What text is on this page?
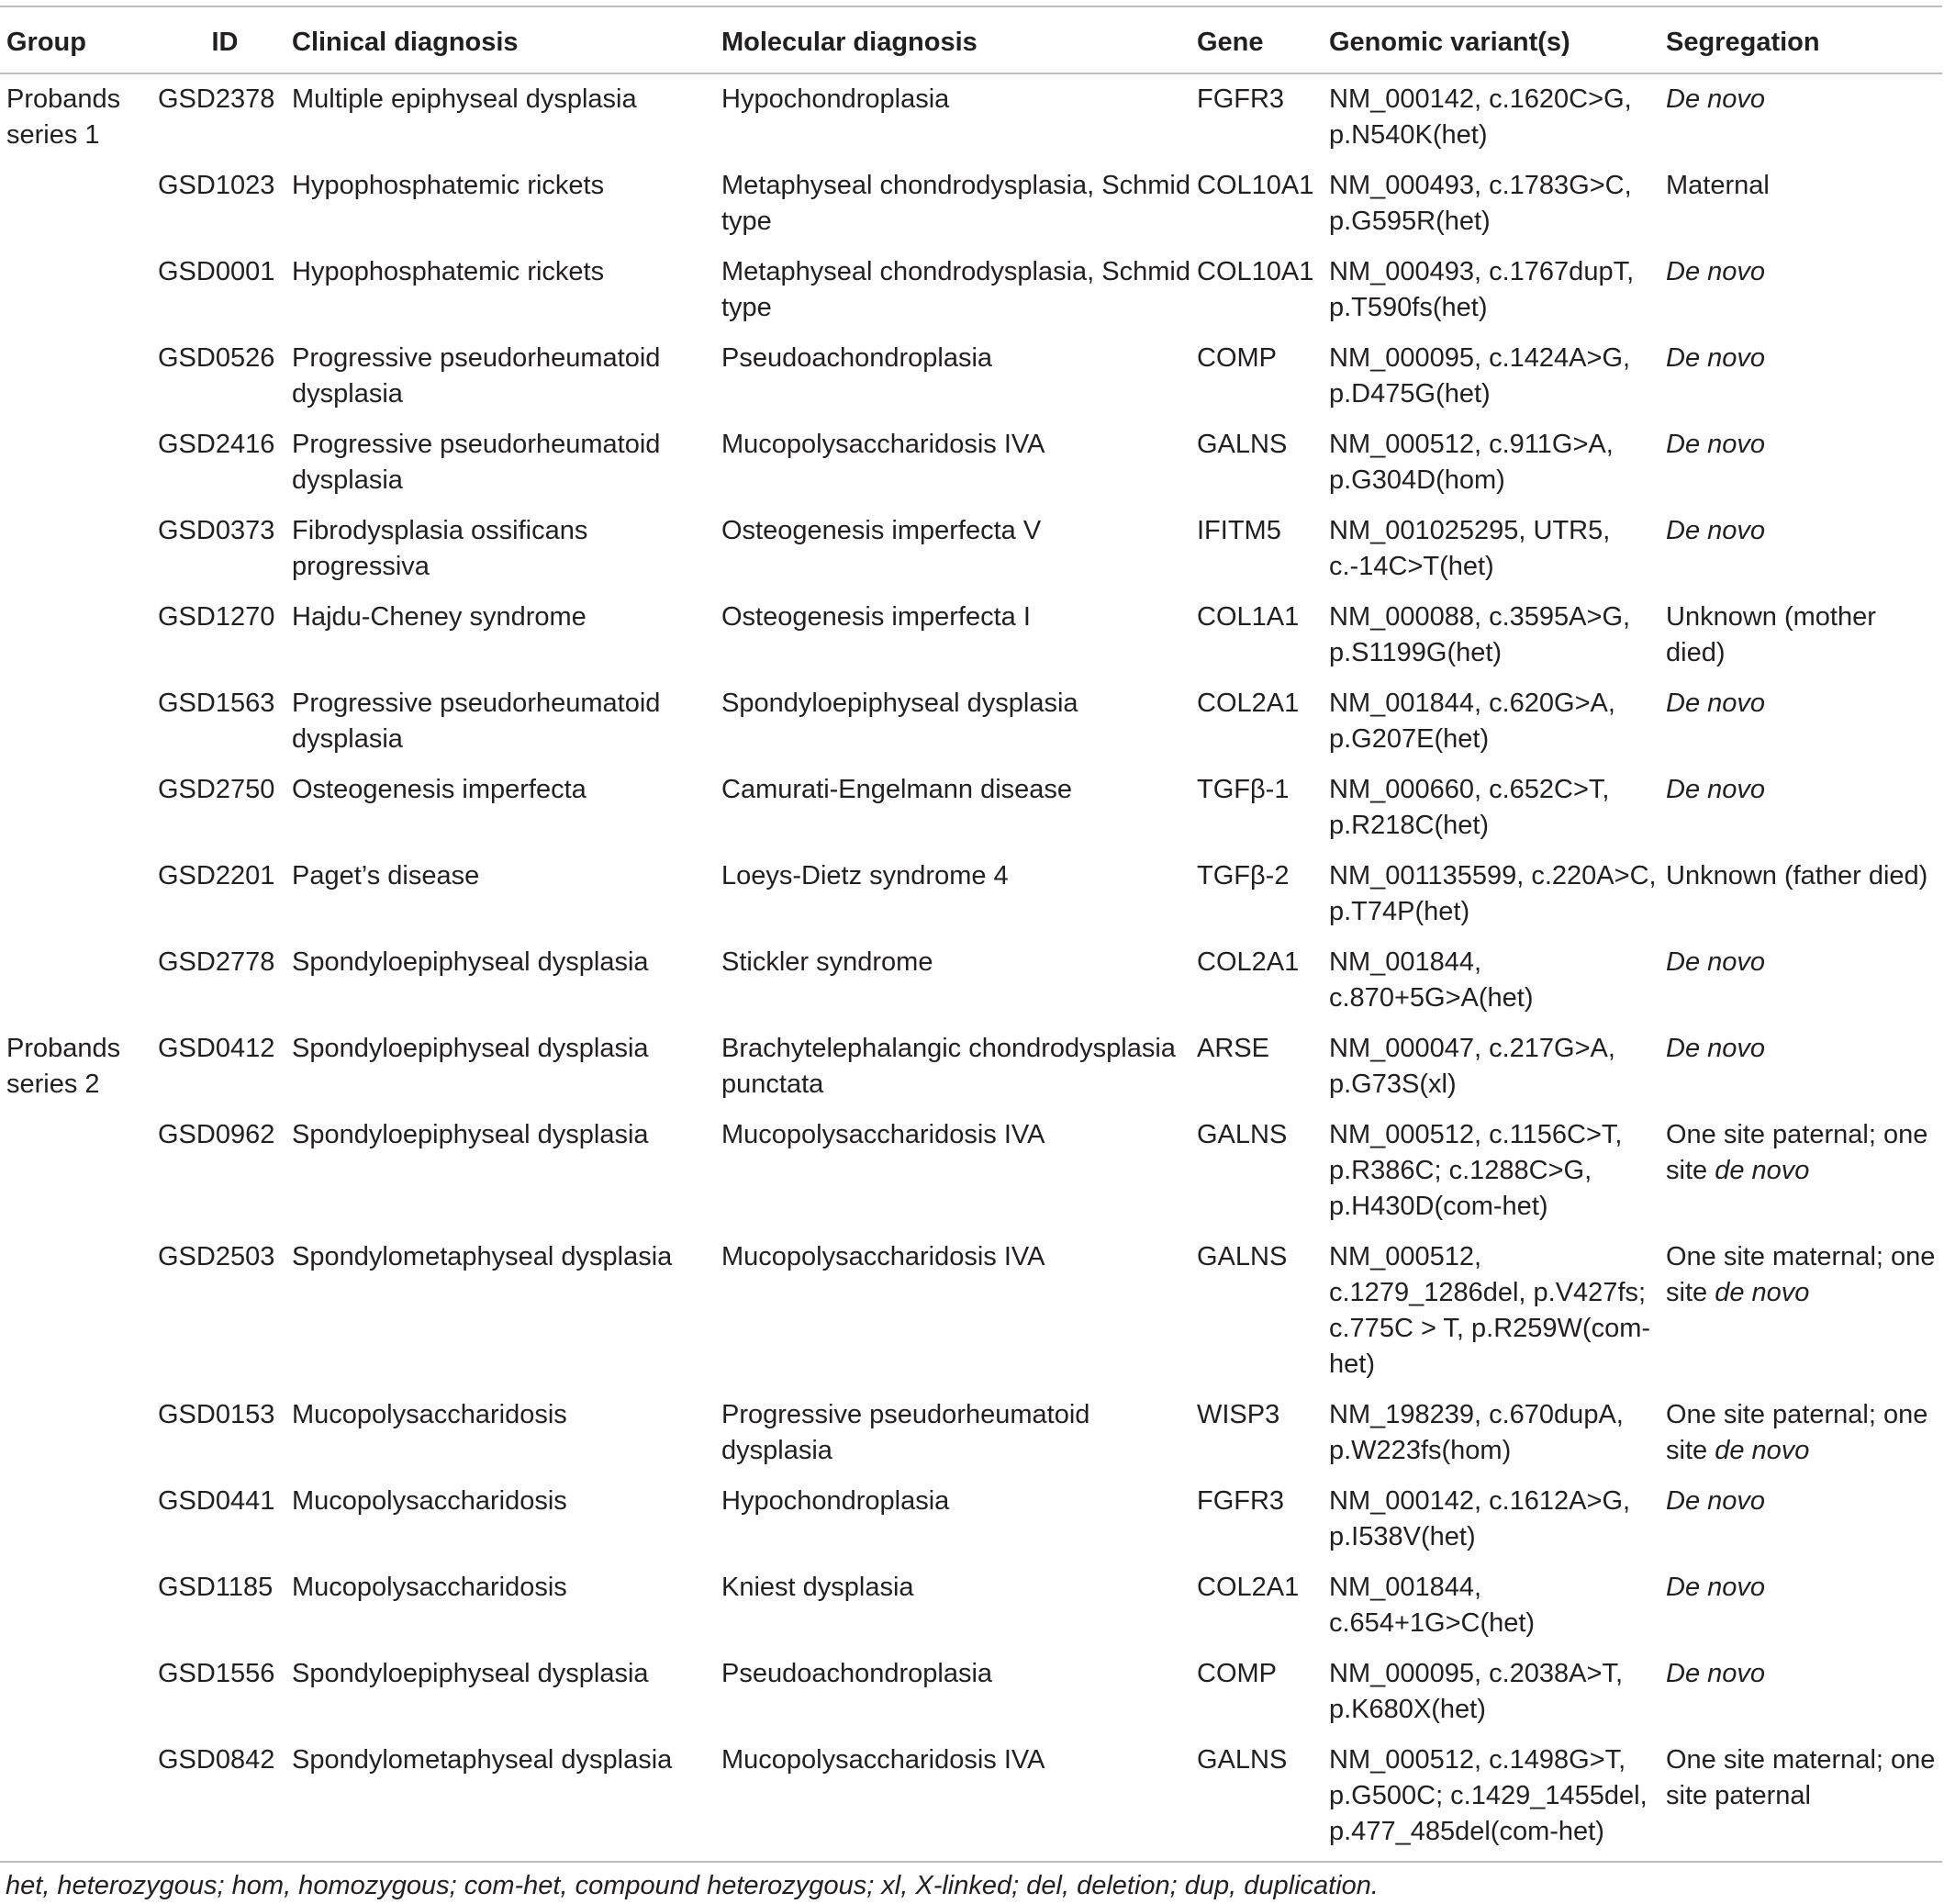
Group	ID	Clinical diagnosis	Molecular diagnosis	Gene	Genomic variant(s)	Segregation
Probands series 1	GSD2378	Multiple epiphyseal dysplasia	Hypochondroplasia	FGFR3	NM_000142, c.1620C>G, p.N540K(het)	De novo
	GSD1023	Hypophosphatemic rickets	Metaphyseal chondrodysplasia, Schmid type	COL10A1	NM_000493, c.1783G>C, p.G595R(het)	Maternal
	GSD0001	Hypophosphatemic rickets	Metaphyseal chondrodysplasia, Schmid type	COL10A1	NM_000493, c.1767dupT, p.T590fs(het)	De novo
	GSD0526	Progressive pseudorheumatoid dysplasia	Pseudoachondroplasia	COMP	NM_000095, c.1424A>G, p.D475G(het)	De novo
	GSD2416	Progressive pseudorheumatoid dysplasia	Mucopolysaccharidosis IVA	GALNS	NM_000512, c.911G>A, p.G304D(hom)	De novo
	GSD0373	Fibrodysplasia ossificans progressiva	Osteogenesis imperfecta V	IFITM5	NM_001025295, UTR5, c.-14C>T(het)	De novo
	GSD1270	Hajdu-Cheney syndrome	Osteogenesis imperfecta I	COL1A1	NM_000088, c.3595A>G, p.S1199G(het)	Unknown (mother died)
	GSD1563	Progressive pseudorheumatoid dysplasia	Spondyloepiphyseal dysplasia	COL2A1	NM_001844, c.620G>A, p.G207E(het)	De novo
	GSD2750	Osteogenesis imperfecta	Camurati-Engelmann disease	TGFβ-1	NM_000660, c.652C>T, p.R218C(het)	De novo
	GSD2201	Paget’s disease	Loeys-Dietz syndrome 4	TGFβ-2	NM_001135599, c.220A>C, p.T74P(het)	Unknown (father died)
	GSD2778	Spondyloepiphyseal dysplasia	Stickler syndrome	COL2A1	NM_001844, c.870+5G>A(het)	De novo
Probands series 2	GSD0412	Spondyloepiphyseal dysplasia	Brachytelephalangic chondrodysplasia punctata	ARSE	NM_000047, c.217G>A, p.G73S(xl)	De novo
	GSD0962	Spondyloepiphyseal dysplasia	Mucopolysaccharidosis IVA	GALNS	NM_000512, c.1156C>T, p.R386C; c.1288C>G, p.H430D(com-het)	One site paternal; one site de novo
	GSD2503	Spondylometaphyseal dysplasia	Mucopolysaccharidosis IVA	GALNS	NM_000512, c.1279_1286del, p.V427fs; c.775C > T, p.R259W(com-het)	One site maternal; one site de novo
	GSD0153	Mucopolysaccharidosis	Progressive pseudorheumatoid dysplasia	WISP3	NM_198239, c.670dupA, p.W223fs(hom)	One site paternal; one site de novo
	GSD0441	Mucopolysaccharidosis	Hypochondroplasia	FGFR3	NM_000142, c.1612A>G, p.I538V(het)	De novo
	GSD1185	Mucopolysaccharidosis	Kniest dysplasia	COL2A1	NM_001844, c.654+1G>C(het)	De novo
	GSD1556	Spondyloepiphyseal dysplasia	Pseudoachondroplasia	COMP	NM_000095, c.2038A>T, p.K680X(het)	De novo
	GSD0842	Spondylometaphyseal dysplasia	Mucopolysaccharidosis IVA	GALNS	NM_000512, c.1498G>T, p.G500C; c.1429_1455del, p.477_485del(com-het)	One site maternal; one site paternal
het, heterozygous; hom, homozygous; com-het, compound heterozygous; xl, X-linked; del, deletion; dup, duplication.
